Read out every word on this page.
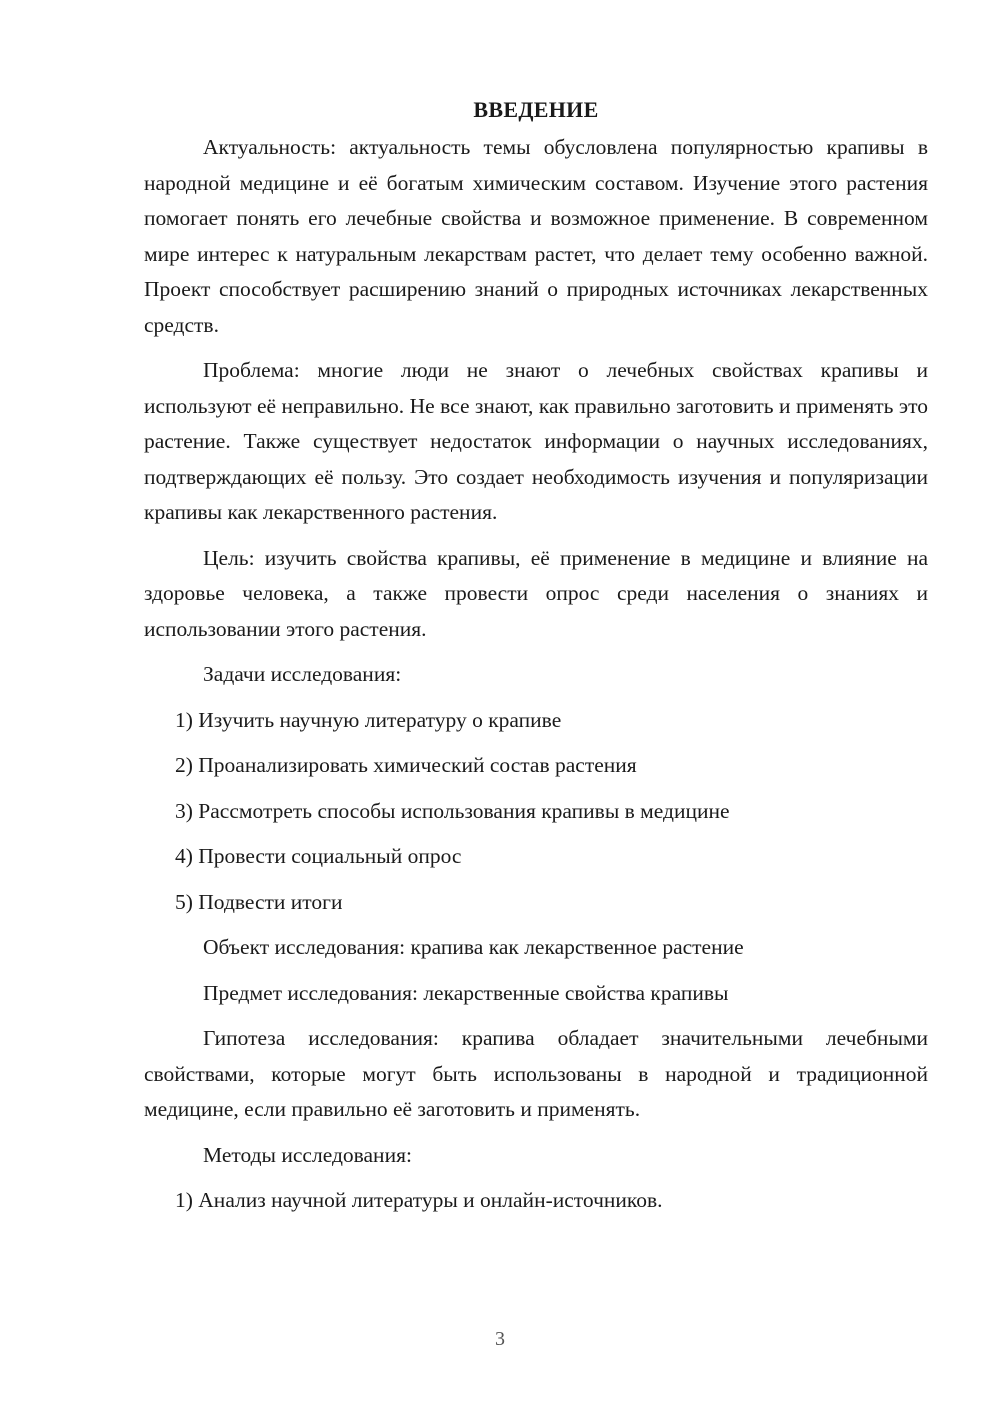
ВВЕДЕНИЕ

Актуальность: актуальность темы обусловлена популярностью крапивы в народной медицине и её богатым химическим составом. Изучение этого растения помогает понять его лечебные свойства и возможное применение. В современном мире интерес к натуральным лекарствам растет, что делает тему особенно важной. Проект способствует расширению знаний о природных источниках лекарственных средств.

Проблема: многие люди не знают о лечебных свойствах крапивы и используют её неправильно. Не все знают, как правильно заготовить и применять это растение. Также существует недостаток информации о научных исследованиях, подтверждающих её пользу. Это создает необходимость изучения и популяризации крапивы как лекарственного растения.

Цель: изучить свойства крапивы, её применение в медицине и влияние на здоровье человека, а также провести опрос среди населения о знаниях и использовании этого растения.

Задачи исследования:
1) Изучить научную литературу о крапиве
2) Проанализировать химический состав растения
3) Рассмотреть способы использования крапивы в медицине
4) Провести социальный опрос
5) Подвести итоги
Объект исследования: крапива как лекарственное растение
Предмет исследования: лекарственные свойства крапивы

Гипотеза исследования: крапива обладает значительными лечебными свойствами, которые могут быть использованы в народной и традиционной медицине, если правильно её заготовить и применять.

Методы исследования:
1) Анализ научной литературы и онлайн-источников.
3
